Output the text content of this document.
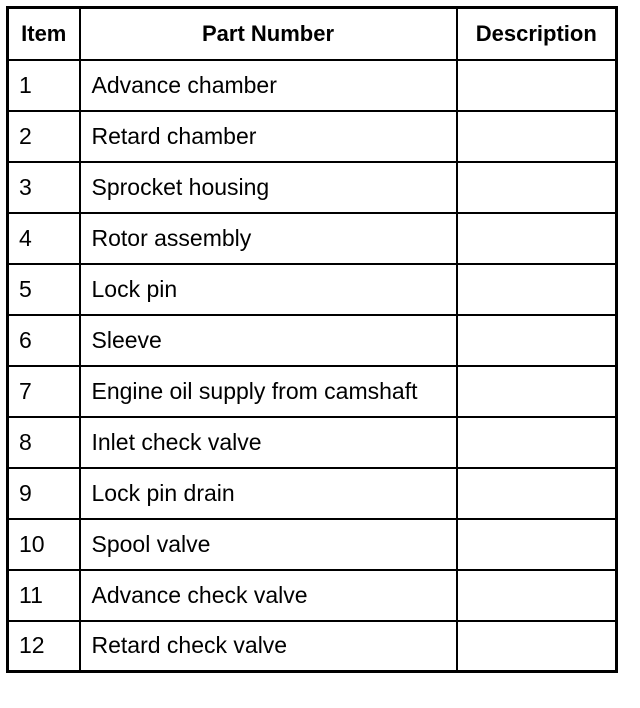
Item	Part Number	Description
1	Advance chamber	
2	Retard chamber	
3	Sprocket housing	
4	Rotor assembly	
5	Lock pin	
6	Sleeve	
7	Engine oil supply from camshaft	
8	Inlet check valve	
9	Lock pin drain	
10	Spool valve	
11	Advance check valve	
12	Retard check valve	
